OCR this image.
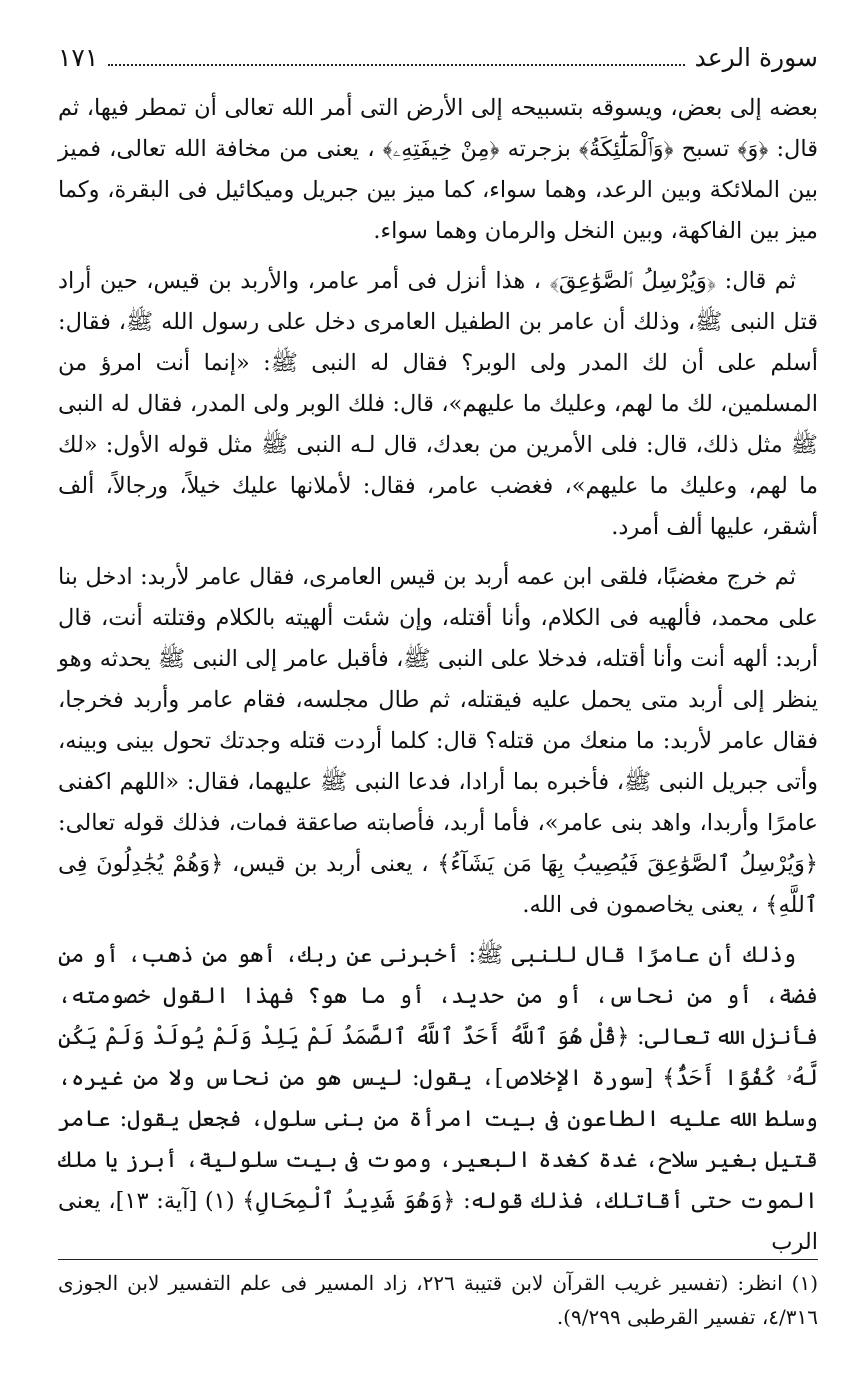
سورة الرعد
١٧١

بعضه إلى بعض، ويسوقه بتسبيحه إلى الأرض التى أمر الله تعالى أن تمطر فيها، ثم قال: ﴿وَ﴾ تسبح ﴿وَٱلْمَلَٰٓئِكَةُ﴾ بزجرته ﴿مِنْ خِيفَتِهِۦ﴾ ، يعنى من مخافة الله تعالى، فميز بين الملائكة وبين الرعد، وهما سواء، كما ميز بين جبريل وميكائيل فى البقرة، وكما ميز بين الفاكهة، وبين النخل والرمان وهما سواء.

ثم قال: ﴿وَيُرْسِلُ ٱلصَّوَٰعِقَ﴾ ، هذا أنزل فى أمر عامر، والأربد بن قيس، حين أراد قتل النبى ﷺ، وذلك أن عامر بن الطفيل العامرى دخل على رسول الله ﷺ، فقال: أسلم على أن لك المدر ولى الوبر؟ فقال له النبى ﷺ: «إنما أنت امرؤ من المسلمين، لك ما لهم، وعليك ما عليهم»، قال: فلك الوبر ولى المدر، فقال له النبى ﷺ مثل ذلك، قال: فلى الأمرين من بعدك، قال لـه النبى ﷺ مثل قوله الأول: «لك ما لهم، وعليك ما عليهم»، فغضب عامر، فقال: لأملانها عليك خيلاً، ورجالاً، ألف أشقر، عليها ألف أمرد.

ثم خرج مغضبًا، فلقى ابن عمه أربد بن قيس العامرى، فقال عامر لأربد: ادخل بنا على محمد، فألهيه فى الكلام، وأنا أقتله، وإن شئت ألهيته بالكلام وقتلته أنت، قال أربد: ألهه أنت وأنا أقتله، فدخلا على النبى ﷺ، فأقبل عامر إلى النبى ﷺ يحدثه وهو ينظر إلى أربد متى يحمل عليه فيقتله، ثم طال مجلسه، فقام عامر وأربد فخرجا، فقال عامر لأربد: ما منعك من قتله؟ قال: كلما أردت قتله وجدتك تحول بينى وبينه، وأتى جبريل النبى ﷺ، فأخبره بما أرادا، فدعا النبى ﷺ عليهما، فقال: «اللهم اكفنى عامرًا وأربدا، واهد بنى عامر»، فأما أربد، فأصابته صاعقة فمات، فذلك قوله تعالى: ﴿وَيُرْسِلُ ٱلصَّوَٰعِقَ فَيُصِيبُ بِهَا مَن يَشَآءُ﴾ ، يعنى أربد بن قيس، ﴿وَهُمْ يُجَٰدِلُونَ فِى ٱللَّهِ﴾ ، يعنى يخاصمون فى الله.

وذلك أن عامرًا قال للنبى ﷺ: أخبرنى عن ربك، أهو من ذهب، أو من فضة، أو من نحاس، أو من حديد، أو ما هو؟ فهذا القول خصومته، فأنزل الله تعالى: ﴿قُلْ هُوَ ٱللَّهُ أَحَدٌ ٱللَّهُ ٱلصَّمَدُ لَمْ يَلِدْ وَلَمْ يُولَدْ وَلَمْ يَكُن لَّهُۥ كُفُوًا أَحَدٌۢ﴾ [سورة الإخلاص]، يقول: ليس هو من نحاس ولا من غيره، وسلط الله عليه الطاعون فى بيت امرأة من بنى سلول، فجعل يقول: عامر قتيل بغير سلاح، غدة كغدة البعير، وموت فى بيت سلولية، أبرز يا ملك الموت حتى أقاتلك، فذلك قوله: ﴿وَهُوَ شَدِيدُ ٱلْمِحَالِ﴾ (١) [آية: ١٣]، يعنى الرب

(١) انظر: (تفسير غريب القرآن لابن قتيبة ٢٢٦، زاد المسير فى علم التفسير لابن الجوزى ٤/٣١٦، تفسير القرطبى ٩/٢٩٩).
